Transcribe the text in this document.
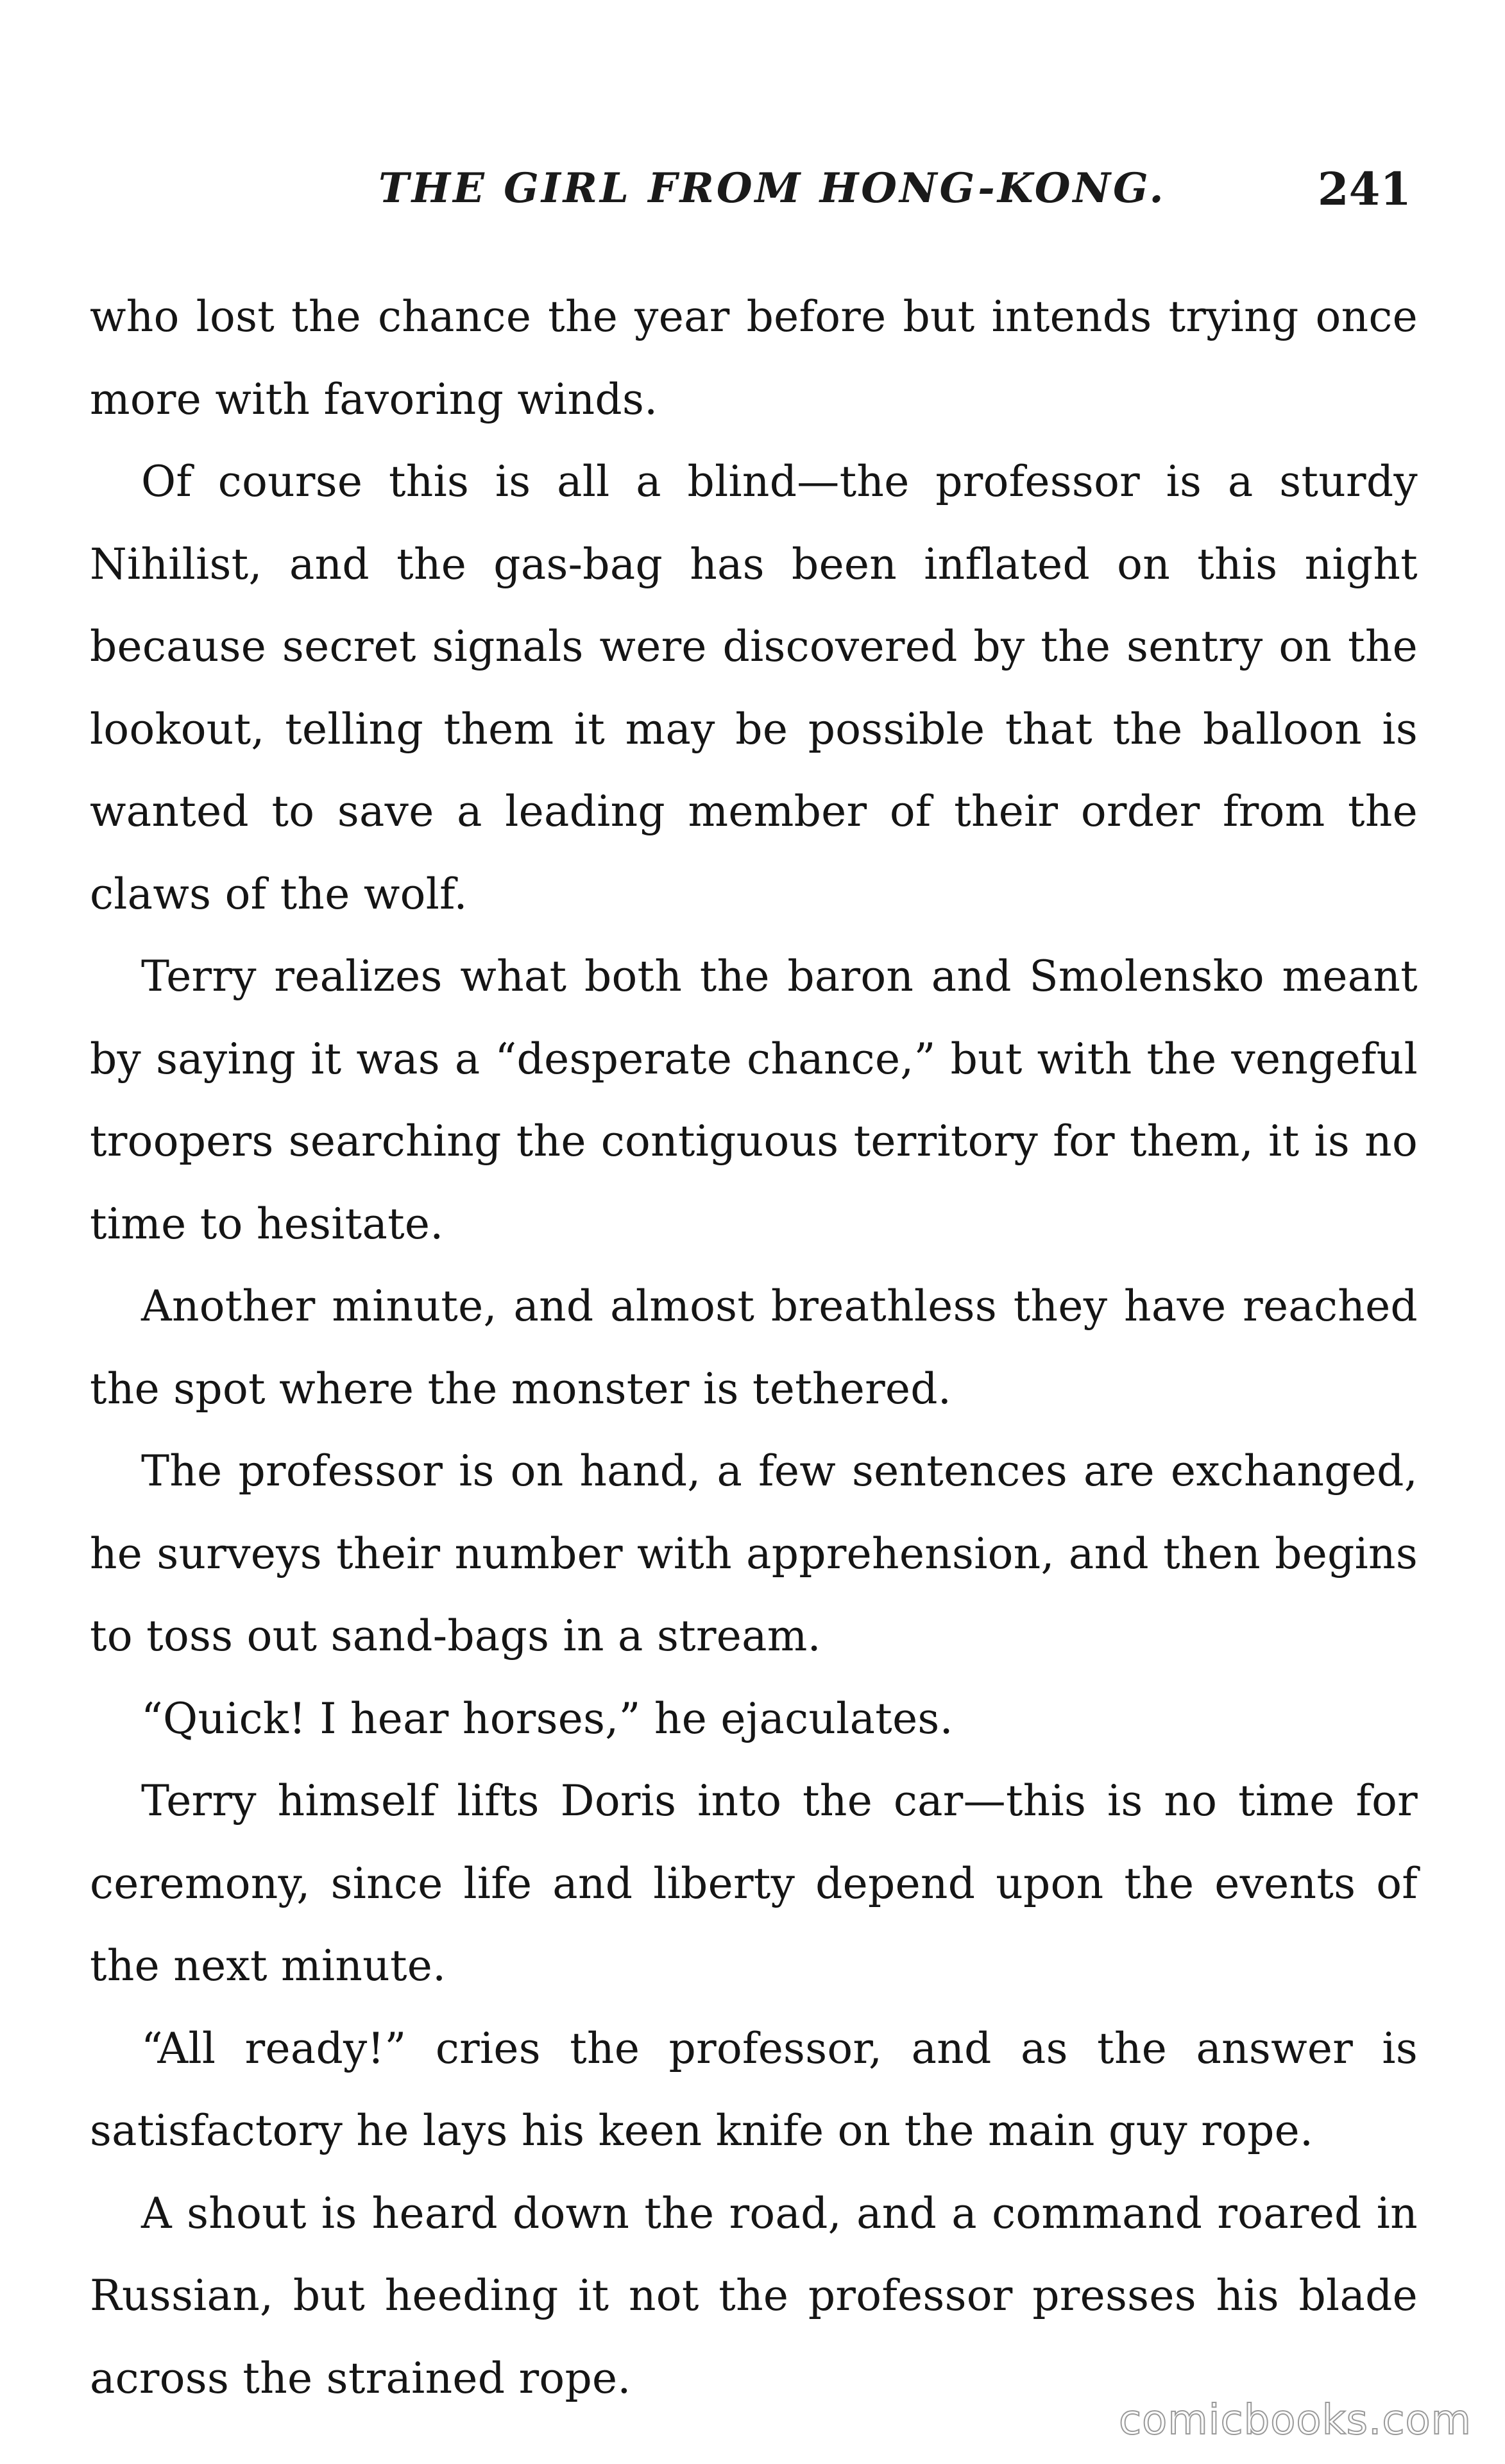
THE GIRL FROM HONG-KONG.	241

who lost the chance the year before but intends trying once more with favoring winds.

Of course this is all a blind—the professor is a sturdy Nihilist, and the gas-bag has been inflated on this night because secret signals were discovered by the sentry on the lookout, telling them it may be possible that the balloon is wanted to save a leading member of their order from the claws of the wolf.

Terry realizes what both the baron and Smolensko meant by saying it was a “desperate chance,” but with the vengeful troopers searching the contiguous territory for them, it is no time to hesitate.

Another minute, and almost breathless they have reached the spot where the monster is tethered.

The professor is on hand, a few sentences are exchanged, he surveys their number with apprehension, and then begins to toss out sand-bags in a stream.

“Quick! I hear horses,” he ejaculates.

Terry himself lifts Doris into the car—this is no time for ceremony, since life and liberty depend upon the events of the next minute.

“All ready!” cries the professor, and as the answer is satisfactory he lays his keen knife on the main guy rope.

A shout is heard down the road, and a command roared in Russian, but heeding it not the professor presses his blade across the strained rope.

comicbooks.com
